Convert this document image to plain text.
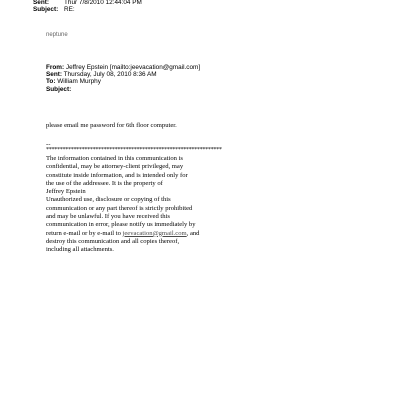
Sent: Thur 7/8/2010 12:44:04 PM
Subject: RE:
neptune
From: Jeffrey Epstein [mailto:jeevacation@gmail.com]
Sent: Thursday, July 08, 2010 8:36 AM
To: William Murphy
Subject:
please email me password for 6th floor computer.
--
****************************************************************
The information contained in this communication is
confidential, may be attorney-client privileged, may
constitute inside information, and is intended only for
the use of the addressee. It is the property of
Jeffrey Epstein
Unauthorized use, disclosure or copying of this
communication or any part thereof is strictly prohibited
and may be unlawful. If you have received this
communication in error, please notify us immediately by
return e-mail or by e-mail to jeevacation@gmail.com, and
destroy this communication and all copies thereof,
including all attachments.
